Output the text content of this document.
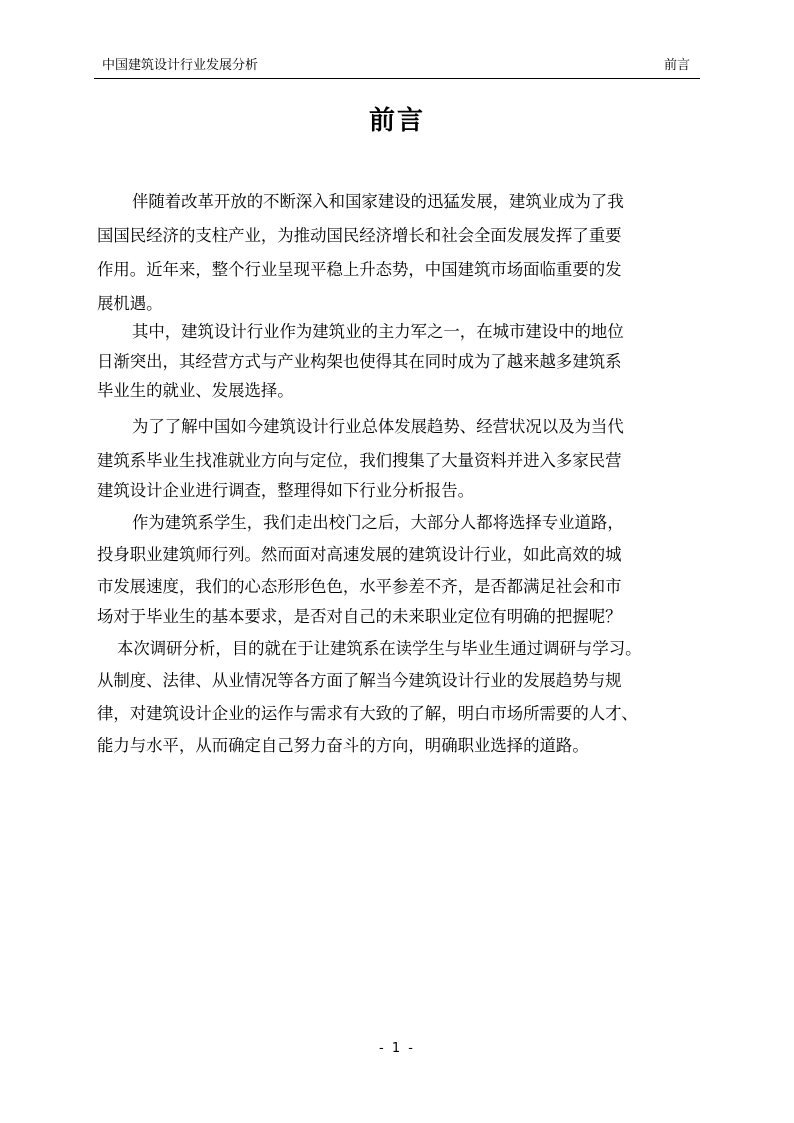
中国建筑设计行业发展分析	前言
前言
伴随着改革开放的不断深入和国家建设的迅猛发展，建筑业成为了我
国国民经济的支柱产业，为推动国民经济增长和社会全面发展发挥了重要
作用。近年来，整个行业呈现平稳上升态势，中国建筑市场面临重要的发
展机遇。
其中，建筑设计行业作为建筑业的主力军之一，在城市建设中的地位
日渐突出，其经营方式与产业构架也使得其在同时成为了越来越多建筑系
毕业生的就业、发展选择。
为了了解中国如今建筑设计行业总体发展趋势、经营状况以及为当代
建筑系毕业生找准就业方向与定位，我们搜集了大量资料并进入多家民营
建筑设计企业进行调查，整理得如下行业分析报告。
作为建筑系学生，我们走出校门之后，大部分人都将选择专业道路，
投身职业建筑师行列。然而面对高速发展的建筑设计行业，如此高效的城
市发展速度，我们的心态形形色色，水平参差不齐，是否都满足社会和市
场对于毕业生的基本要求，是否对自己的未来职业定位有明确的把握呢？
本次调研分析，目的就在于让建筑系在读学生与毕业生通过调研与学习。
从制度、法律、从业情况等各方面了解当今建筑设计行业的发展趋势与规
律，对建筑设计企业的运作与需求有大致的了解，明白市场所需要的人才、
能力与水平，从而确定自己努力奋斗的方向，明确职业选择的道路。
- 1 -
